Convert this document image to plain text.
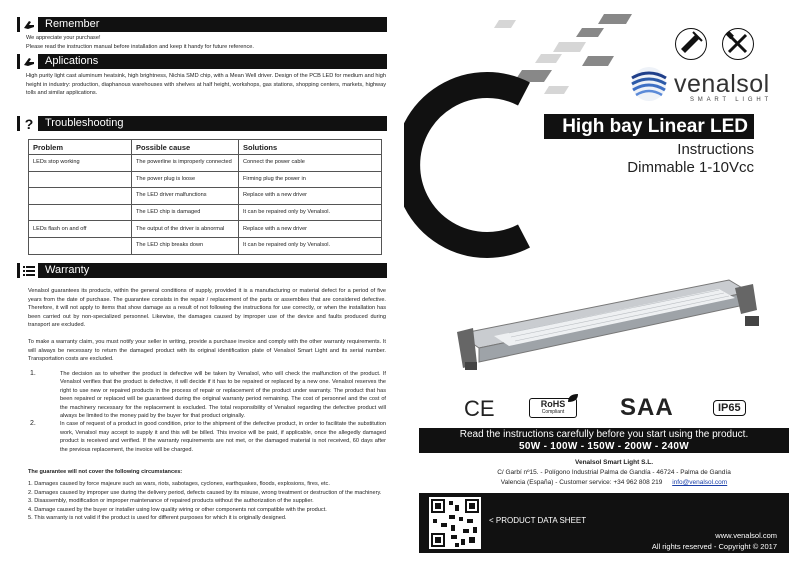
Remember
We appreciate your purchase!
Please read the instruction manual before installation and keep it handy for future reference.
Aplications
High purity light cast aluminum heatsink, high brightness, Nichia SMD chip, with a Mean Well driver. Design of the PCB LED for medium and high height in industry: production, diaphanous warehouses with shelves at half height, workshops, gas stations, shopping centers, markets, highway tolls and similar applications.
? Troubleshooting
Problem	Possible cause	Solutions
LEDs stop working	The powerline is improperly connected	Connect the power cable
	The power plug is loose	Firming plug the power in
	The LED driver malfunctions	Replace with a new driver
	The LED chip is damaged	It can be repaired only by Venalsol.
LEDs flash on and off	The output of the driver is abnormal	Replace with a new driver
	The LED chip breaks down	It can be repaired only by Venalsol.
Warranty
Venalsol guarantees its products, within the general conditions of supply, provided it is a manufacturing or material defect for a period of five years from the date of purchase. The guarantee consists in the repair / replacement of the parts or assemblies that are considered defective. Therefore, it will not apply to items that show damage as a result of not following the instructions for use correctly, or when the installation has been carried out by non-specialized personnel. Likewise, the damages caused by improper use of the device and faults produced during transport are excluded.
To make a warranty claim, you must notify your seller in writing, provide a purchase invoice and comply with the other warranty requirements. It will always be necessary to return the damaged product with its original identification plate of Venalsol Smart Light and its serial number. Transportation costs are excluded.
1.	The decision as to whether the product is defective will be taken by Venalsol, who will check the malfunction of the product. If Venalsol verifies that the product is defective, it will decide if it has to be repaired or replaced by a new one. Venalsol reserves the right to use new or repaired products in the process of repair or replacement of the product under warranty. The product that has been repaired or replaced will be guaranteed during the original warranty period remaining. The cost of personnel and the cost of the machinery necessary for the replacement is excluded. The total responsibility of Venalsol regarding the defective product will always be limited to the money paid by the buyer for that product originally.
2.	In case of request of a product in good condition, prior to the shipment of the defective product, in order to facilitate the substitution work, Venalsol may accept to supply it and this will be billed. This invoice will be paid, if applicable, once the allegedly damaged product is received and verified. If the warranty requirements are not met, or the damaged material is not received, 60 days after the previous replacement, the invoice will be charged.
The guarantee will not cover the following circumstances:
1. Damages caused by force majeure such as wars, riots, sabotages, cyclones, earthquakes, floods, explosions, fires, etc.
2. Damages caused by improper use during the delivery period, defects caused by its misuse, wrong treatment or destruction of the machinery.
3. Disassembly, modification or improper maintenance of repaired products without the authorization of the supplier.
4. Damage caused by the buyer or installer using low quality wiring or other components not compatible with the product.
5. This warranty is not valid if the product is used for different purposes for which it is originally designed.
venalsol
SMART LIGHT
High bay Linear LED
Instructions
Dimmable 1-10Vcc
CE	RoHS
Compliant	SAA	IP65
Read the instructions carefully before you start using the product.
50W - 100W - 150W - 200W - 240W
Venalsol Smart Light S.L.
C/ Garbí nº15. - Polígono Industrial Palma de Gandía - 46724 - Palma de Gandía
Valencia (España) - Customer service: +34 962 808 219 info@venalsol.com
< PRODUCT DATA SHEET
www.venalsol.com
All rights reserved - Copyright © 2017
